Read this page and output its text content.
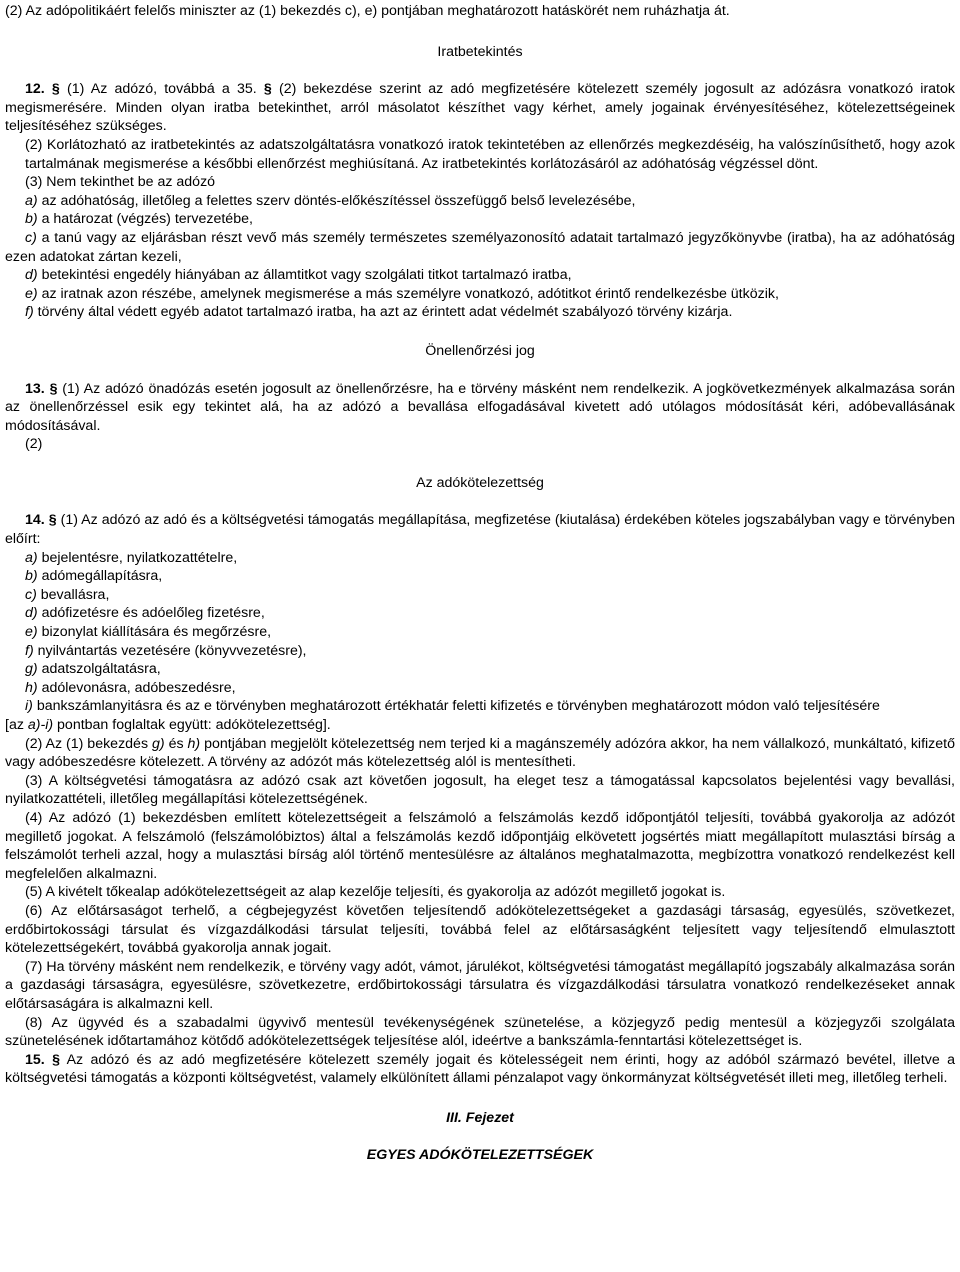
(2) Az adópolitikáért felelős miniszter az (1) bekezdés c), e) pontjában meghatározott hatáskörét nem ruházhatja át.

Iratbetekintés

12. § (1) Az adózó, továbbá a 35. § (2) bekezdése szerint az adó megfizetésére kötelezett személy jogosult az adózásra vonatkozó iratok megismerésére. Minden olyan iratba betekinthet, arról másolatot készíthet vagy kérhet, amely jogainak érvényesítéséhez, kötelezettségeinek teljesítéséhez szükséges.

(2) Korlátozható az iratbetekintés az adatszolgáltatásra vonatkozó iratok tekintetében az ellenőrzés megkezdéséig, ha valószínűsíthető, hogy azok tartalmának megismerése a későbbi ellenőrzést meghiúsítaná. Az iratbetekintés korlátozásáról az adóhatóság végzéssel dönt.

(3) Nem tekinthet be az adózó

a) az adóhatóság, illetőleg a felettes szerv döntés-előkészítéssel összefüggő belső levelezésébe,

b) a határozat (végzés) tervezetébe,

c) a tanú vagy az eljárásban részt vevő más személy természetes személyazonosító adatait tartalmazó jegyzőkönyvbe (iratba), ha az adóhatóság ezen adatokat zártan kezeli,

d) betekintési engedély hiányában az államtitkot vagy szolgálati titkot tartalmazó iratba,

e) az iratnak azon részébe, amelynek megismerése a más személyre vonatkozó, adótitkot érintő rendelkezésbe ütközik,

f) törvény által védett egyéb adatot tartalmazó iratba, ha azt az érintett adat védelmét szabályozó törvény kizárja.

Önellenőrzési jog

13. § (1) Az adózó önadózás esetén jogosult az önellenőrzésre, ha e törvény másként nem rendelkezik. A jogkövetkezmények alkalmazása során az önellenőrzéssel esik egy tekintet alá, ha az adózó a bevallása elfogadásával kivetett adó utólagos módosítását kéri, adóbevallásának módosításával.

(2)

Az adókötelezettség

14. § (1) Az adózó az adó és a költségvetési támogatás megállapítása, megfizetése (kiutalása) érdekében köteles jogszabályban vagy e törvényben előírt:

a) bejelentésre, nyilatkozattételre,

b) adómegállapításra,

c) bevallásra,

d) adófizetésre és adóelőleg fizetésre,

e) bizonylat kiállítására és megőrzésre,

f) nyilvántartás vezetésére (könyvvezetésre),

g) adatszolgáltatásra,

h) adólevonásra, adóbeszedésre,

i) bankszámlanyitásra és az e törvényben meghatározott értékhatár feletti kifizetés e törvényben meghatározott módon való teljesítésére

[az a)-i) pontban foglaltak együtt: adókötelezettség].

(2) Az (1) bekezdés g) és h) pontjában megjelölt kötelezettség nem terjed ki a magánszemély adózóra akkor, ha nem vállalkozó, munkáltató, kifizető vagy adóbeszedésre kötelezett. A törvény az adózót más kötelezettség alól is mentesítheti.

(3) A költségvetési támogatásra az adózó csak azt követően jogosult, ha eleget tesz a támogatással kapcsolatos bejelentési vagy bevallási, nyilatkozattételi, illetőleg megállapítási kötelezettségének.

(4) Az adózó (1) bekezdésben említett kötelezettségeit a felszámoló a felszámolás kezdő időpontjától teljesíti, továbbá gyakorolja az adózót megillető jogokat. A felszámoló (felszámolóbiztos) által a felszámolás kezdő időpontjáig elkövetett jogsértés miatt megállapított mulasztási bírság a felszámolót terheli azzal, hogy a mulasztási bírság alól történő mentesülésre az általános meghatalmazotta, megbízottra vonatkozó rendelkezést kell megfelelően alkalmazni.

(5) A kivételt tőkealap adókötelezettségeit az alap kezelője teljesíti, és gyakorolja az adózót megillető jogokat is.

(6) Az előtársaságot terhelő, a cégbejegyzést követően teljesítendő adókötelezettségeket a gazdasági társaság, egyesülés, szövetkezet, erdőbirtokossági társulat és vízgazdálkodási társulat teljesíti, továbbá felel az előtársaságként teljesített vagy teljesítendő elmulasztott kötelezettségekért, továbbá gyakorolja annak jogait.

(7) Ha törvény másként nem rendelkezik, e törvény vagy adót, vámot, járulékot, költségvetési támogatást megállapító jogszabály alkalmazása során a gazdasági társaságra, egyesülésre, szövetkezetre, erdőbirtokossági társulatra és vízgazdálkodási társulatra vonatkozó rendelkezéseket annak előtársaságára is alkalmazni kell.

(8) Az ügyvéd és a szabadalmi ügyvivő mentesül tevékenységének szünetelése, a közjegyző pedig mentesül a közjegyzői szolgálata szünetelésének időtartamához kötődő adókötelezettségek teljesítése alól, ideértve a bankszámla-fenntartási kötelezettséget is.

15. § Az adózó és az adó megfizetésére kötelezett személy jogait és kötelességeit nem érinti, hogy az adóból származó bevétel, illetve a költségvetési támogatás a központi költségvetést, valamely elkülönített állami pénzalapot vagy önkormányzat költségvetését illeti meg, illetőleg terheli.

III. Fejezet

EGYES ADÓKÖTELEZETTSÉGEK
